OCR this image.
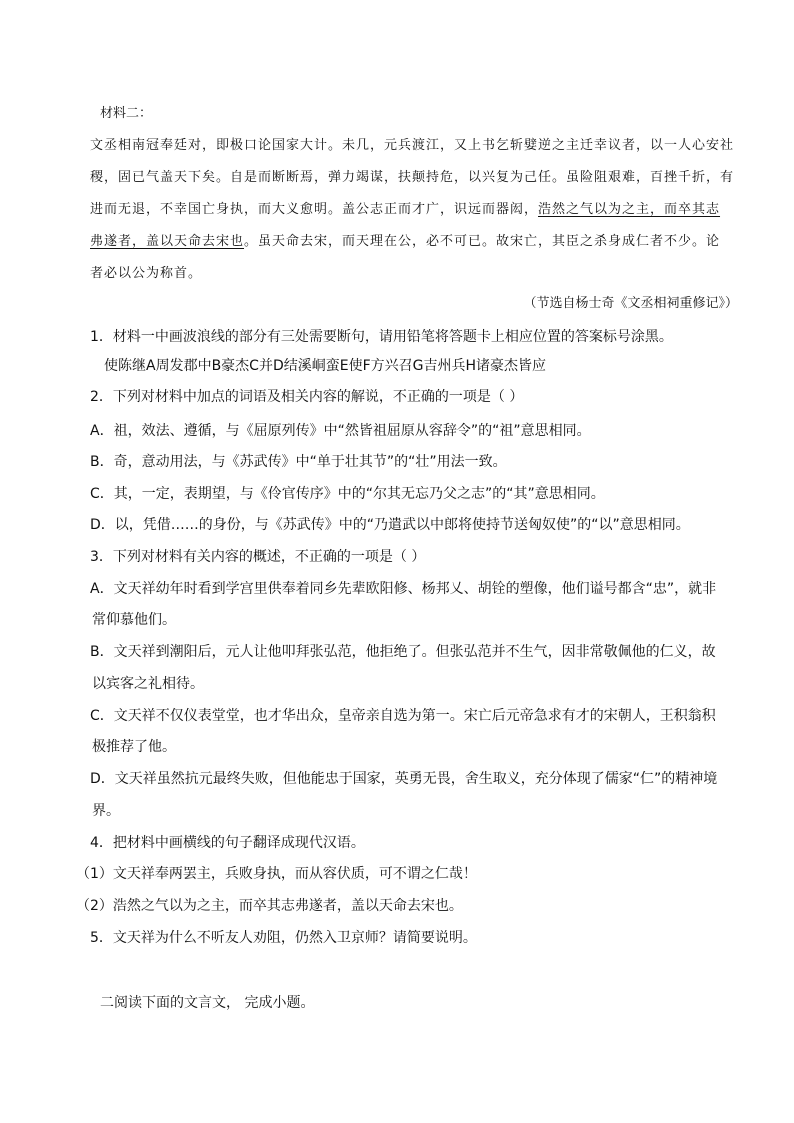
材料二：
文丞相南冠奉廷对，即极口论国家大计。未几，元兵渡江，又上书乞斩嬖逆之主迁幸议者，以一人心安社稷，固已气盖天下矣。自是而断断焉，弹力竭谋，扶颠持危，以兴复为己任。虽险阻艰难，百挫千折，有进而无退，不幸国亡身执，而大义愈明。盖公志正而才广，识远而器闳，浩然之气以为之主，而卒其志弗遂者，盖以天命去宋也。虽天命去宋，而天理在公，必不可已。故宋亡，其臣之杀身成仁者不少。论者必以公为称首。
（节选自杨士奇《文丞相祠重修记》）
1．材料一中画波浪线的部分有三处需要断句，请用铅笔将答题卡上相应位置的答案标号涂黑。
使陈继A周发郡中B豪杰C并D结溪峒蛮E使F方兴召G吉州兵H诸豪杰皆应
2．下列对材料中加点的词语及相关内容的解说，不正确的一项是（ ）
A．祖，效法、遵循，与《屈原列传》中“然皆祖屈原从容辞令”的“祖”意思相同。
B．奇，意动用法，与《苏武传》中“单于壮其节”的“壮”用法一致。
C．其，一定，表期望，与《伶官传序》中的“尔其无忘乃父之志”的“其”意思相同。
D．以，凭借……的身份，与《苏武传》中的“乃遣武以中郎将使持节送匈奴使”的“以”意思相同。
3．下列对材料有关内容的概述，不正确的一项是（ ）
A．文天祥幼年时看到学宫里供奉着同乡先辈欧阳修、杨邦乂、胡铨的塑像，他们谥号都含“忠”，就非
常仰慕他们。
B．文天祥到潮阳后，元人让他叩拜张弘范，他拒绝了。但张弘范并不生气，因非常敬佩他的仁义，故
以宾客之礼相待。
C．文天祥不仅仪表堂堂，也才华出众，皇帝亲自选为第一。宋亡后元帝急求有才的宋朝人，王积翁积
极推荐了他。
D．文天祥虽然抗元最终失败，但他能忠于国家，英勇无畏，舍生取义，充分体现了儒家“仁”的精神境
界。
4．把材料中画横线的句子翻译成现代汉语。
（1）文天祥奉两罢主，兵败身执，而从容伏质，可不谓之仁哉！
（2）浩然之气以为之主，而卒其志弗遂者，盖以天命去宋也。
5．文天祥为什么不听友人劝阻，仍然入卫京师？请简要说明。
二阅读下面的文言文， 完成小题。
